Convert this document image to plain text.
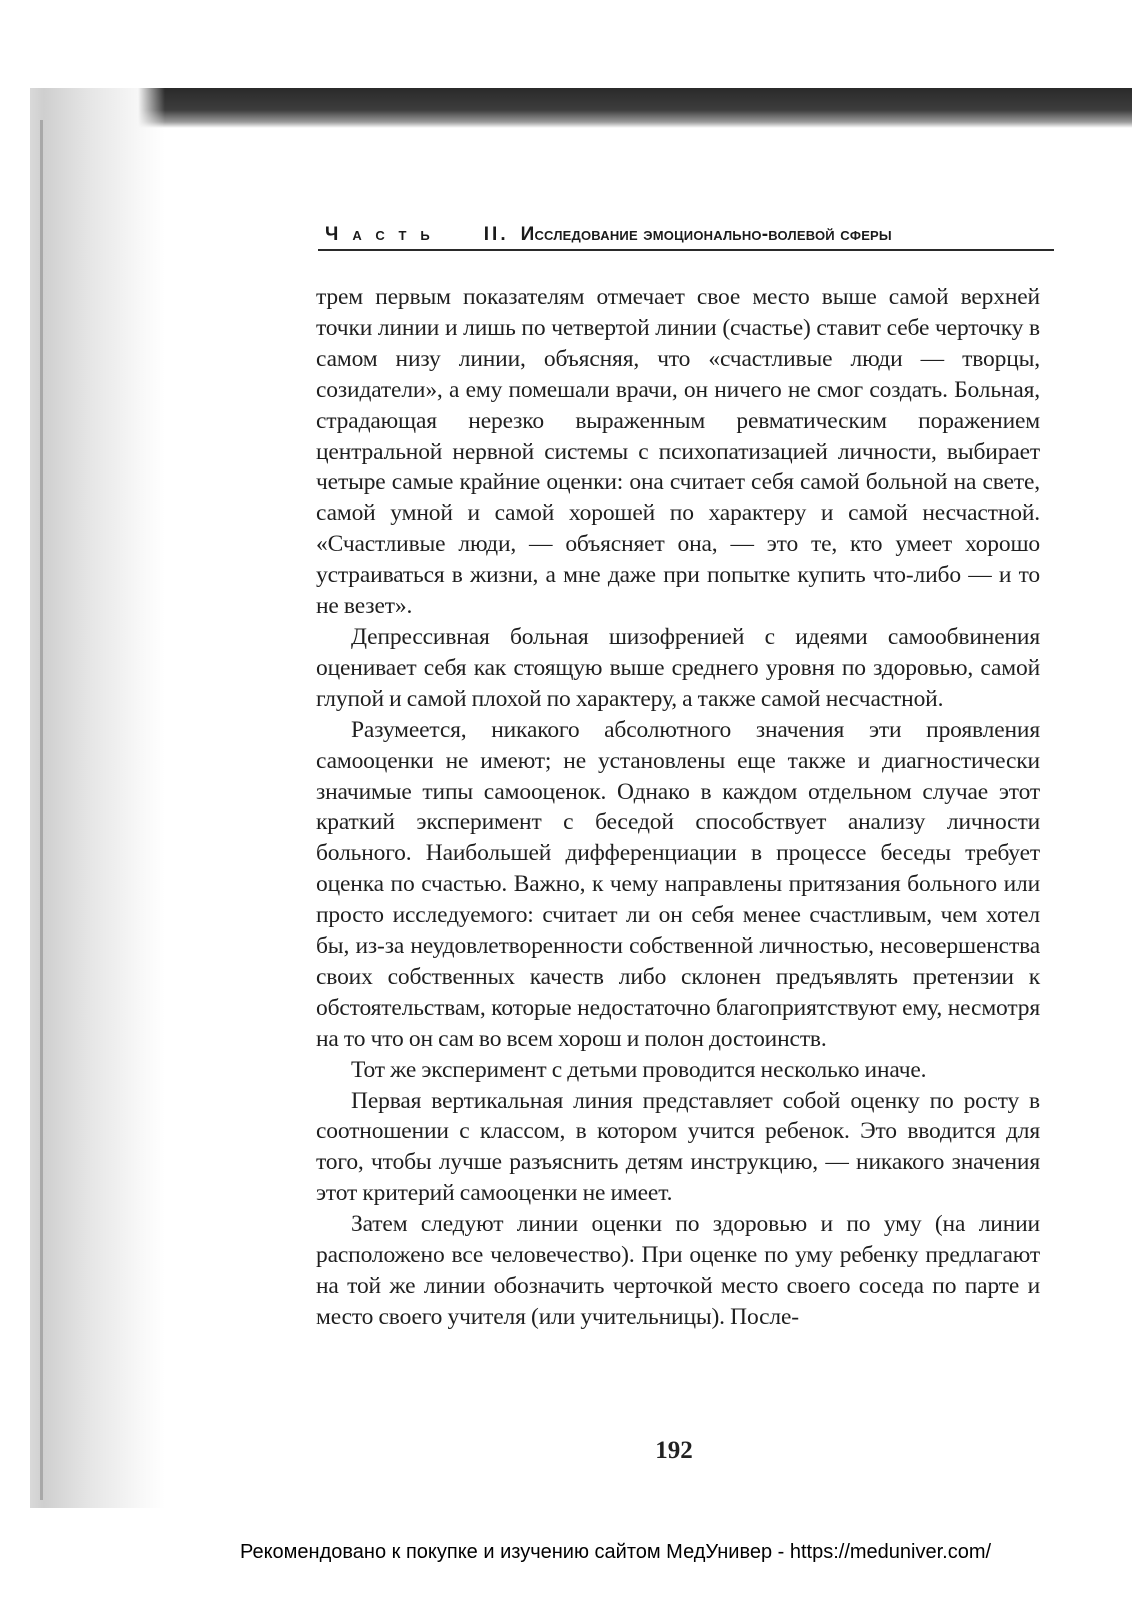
Часть II. Исследование эмоционально-волевой сферы

трем первым показателям отмечает свое место выше самой верхней точки линии и лишь по четвертой линии (счастье) ставит себе черточку в самом низу линии, объясняя, что «счастливые люди — творцы, созидатели», а ему помешали врачи, он ничего не смог создать. Больная, страдающая нерезко выраженным ревматическим поражением центральной нервной системы с психопатизацией личности, выбирает четыре самые крайние оценки: она считает себя самой больной на свете, самой умной и самой хорошей по характеру и самой несчастной. «Счастливые люди, — объясняет она, — это те, кто умеет хорошо устраиваться в жизни, а мне даже при попытке купить что-либо — и то не везет».

Депрессивная больная шизофренией с идеями самообвинения оценивает себя как стоящую выше среднего уровня по здоровью, самой глупой и самой плохой по характеру, а также самой несчастной.

Разумеется, никакого абсолютного значения эти проявления самооценки не имеют; не установлены еще также и диагностически значимые типы самооценок. Однако в каждом отдельном случае этот краткий эксперимент с беседой способствует анализу личности больного. Наибольшей дифференциации в процессе беседы требует оценка по счастью. Важно, к чему направлены притязания больного или просто исследуемого: считает ли он себя менее счастливым, чем хотел бы, из-за неудовлетворенности собственной личностью, несовершенства своих собственных качеств либо склонен предъявлять претензии к обстоятельствам, которые недостаточно благоприятствуют ему, несмотря на то что он сам во всем хорош и полон достоинств.

Тот же эксперимент с детьми проводится несколько иначе.

Первая вертикальная линия представляет собой оценку по росту в соотношении с классом, в котором учится ребенок. Это вводится для того, чтобы лучше разъяснить детям инструкцию, — никакого значения этот критерий самооценки не имеет.

Затем следуют линии оценки по здоровью и по уму (на линии расположено все человечество). При оценке по уму ребенку предлагают на той же линии обозначить черточкой место своего соседа по парте и место своего учителя (или учительницы). После-

192
Рекомендовано к покупке и изучению сайтом МедУнивер - https://meduniver.com/
